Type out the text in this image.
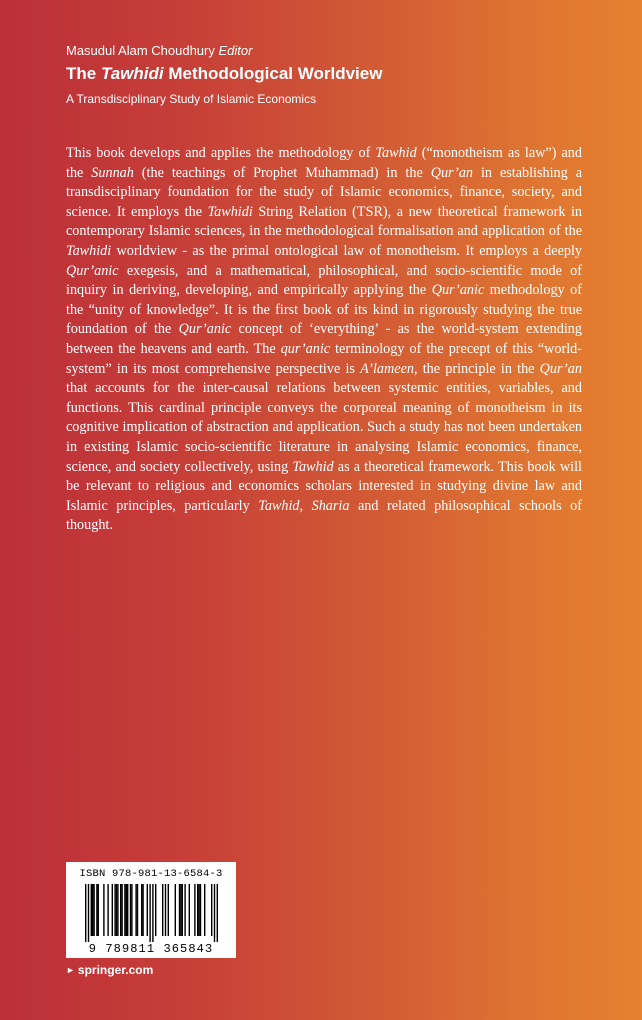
Masudul Alam Choudhury Editor
The Tawhidi Methodological Worldview
A Transdisciplinary Study of Islamic Economics

This book develops and applies the methodology of Tawhid (“monotheism as law”) and the Sunnah (the teachings of Prophet Muhammad) in the Qur’an in establishing a transdisciplinary foundation for the study of Islamic economics, finance, society, and science. It employs the Tawhidi String Relation (TSR), a new theoretical framework in contemporary Islamic sciences, in the methodological formalisation and application of the Tawhidi worldview - as the primal ontological law of monotheism. It employs a deeply Qur’anic exegesis, and a mathematical, philosophical, and socio-scientific mode of inquiry in deriving, developing, and empirically applying the Qur’anic methodology of the “unity of knowledge”. It is the first book of its kind in rigorously studying the true foundation of the Qur’anic concept of ‘everything’ - as the world-system extending between the heavens and earth. The qur’anic terminology of the precept of this “world-system” in its most comprehensive perspective is A’lameen, the principle in the Qur’an that accounts for the inter-causal relations between systemic entities, variables, and functions. This cardinal principle conveys the corporeal meaning of monotheism in its cognitive implication of abstraction and application. Such a study has not been undertaken in existing Islamic socio-scientific literature in analysing Islamic economics, finance, science, and society collectively, using Tawhid as a theoretical framework. This book will be relevant to religious and economics scholars interested in studying divine law and Islamic principles, particularly Tawhid, Sharia and related philosophical schools of thought.

ISBN 978-981-13-6584-3
9 789811 365843
► springer.com
